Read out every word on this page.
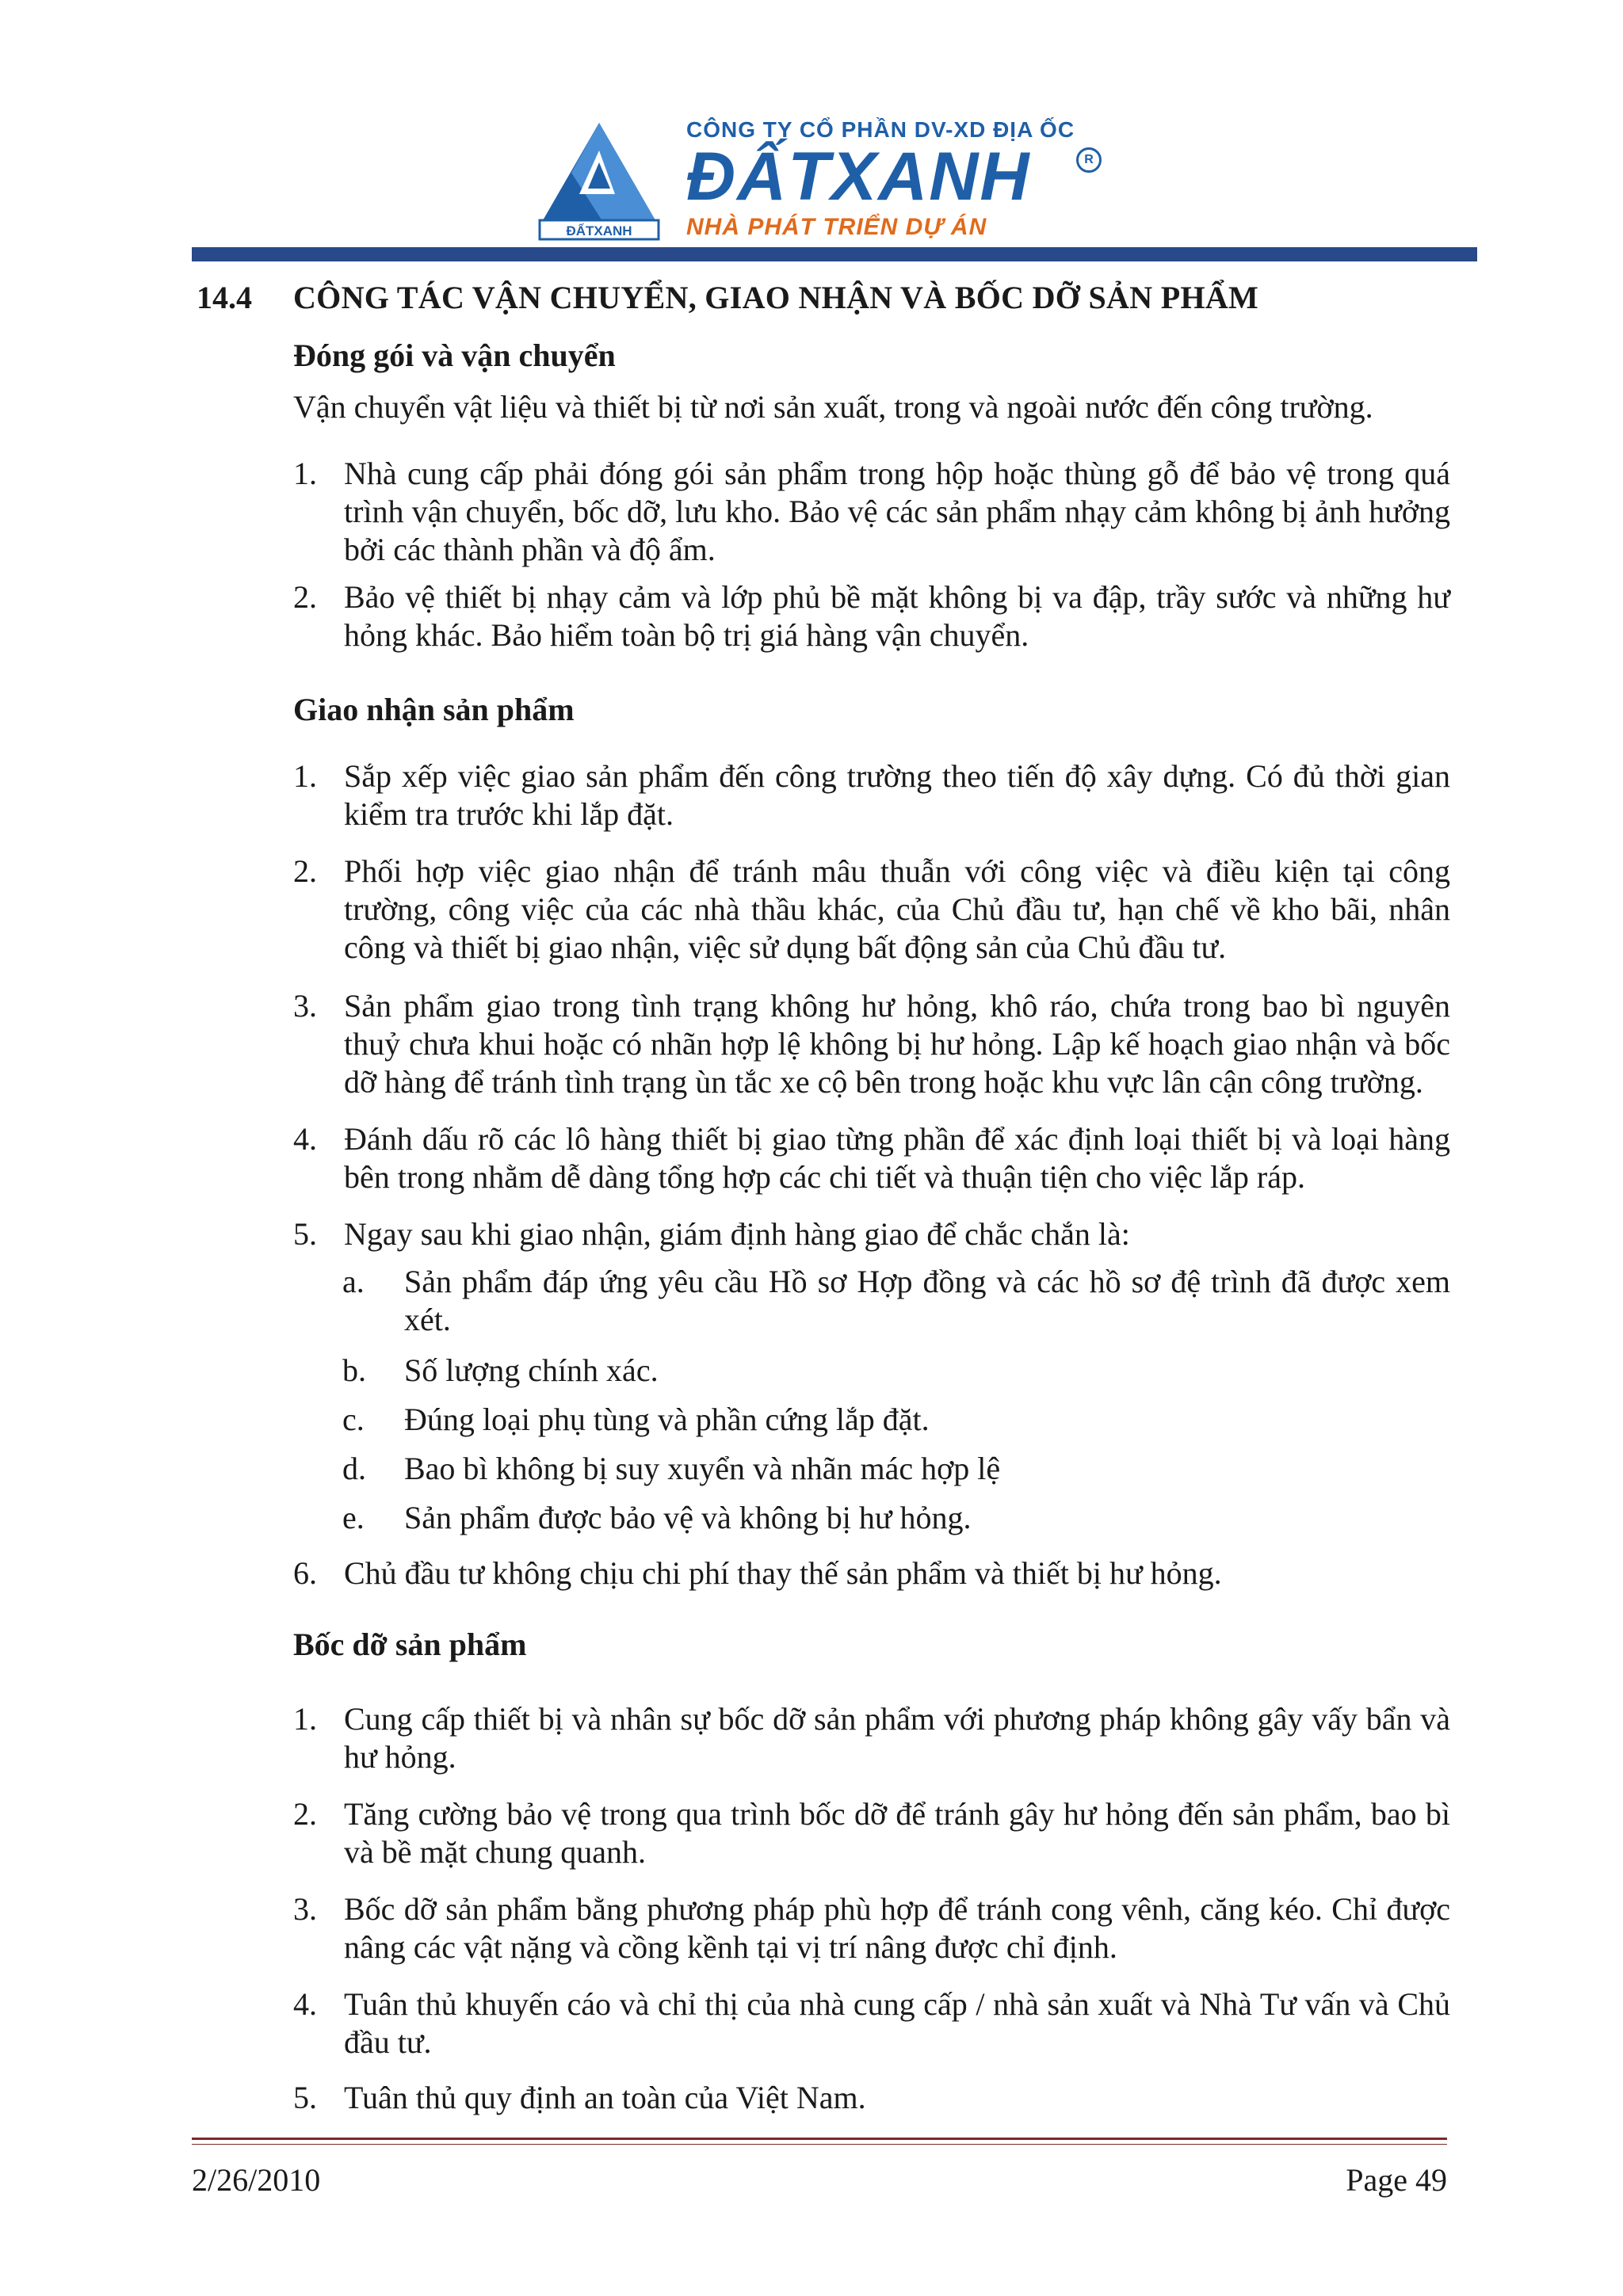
ĐẤTXANH
CÔNG TY CỔ PHẦN DV-XD ĐỊA ỐC
ĐẤTXANH	R
NHÀ PHÁT TRIỂN DỰ ÁN
14.4 CÔNG TÁC VẬN CHUYỂN, GIAO NHẬN VÀ BỐC DỠ SẢN PHẨM
Đóng gói và vận chuyển
Vận chuyển vật liệu và thiết bị từ nơi sản xuất, trong và ngoài nước đến công trường.
1. Nhà cung cấp phải đóng gói sản phẩm trong hộp hoặc thùng gỗ để bảo vệ trong quá trình vận chuyển, bốc dỡ, lưu kho. Bảo vệ các sản phẩm nhạy cảm không bị ảnh hưởng bởi các thành phần và độ ẩm.
2. Bảo vệ thiết bị nhạy cảm và lớp phủ bề mặt không bị va đập, trầy sước và những hư hỏng khác. Bảo hiểm toàn bộ trị giá hàng vận chuyển.
Giao nhận sản phẩm
1. Sắp xếp việc giao sản phẩm đến công trường theo tiến độ xây dựng. Có đủ thời gian kiểm tra trước khi lắp đặt.
2. Phối hợp việc giao nhận để tránh mâu thuẫn với công việc và điều kiện tại công trường, công việc của các nhà thầu khác, của Chủ đầu tư, hạn chế về kho bãi, nhân công và thiết bị giao nhận, việc sử dụng bất động sản của Chủ đầu tư.
3. Sản phẩm giao trong tình trạng không hư hỏng, khô ráo, chứa trong bao bì nguyên thuỷ chưa khui hoặc có nhãn hợp lệ không bị hư hỏng. Lập kế hoạch giao nhận và bốc dỡ hàng để tránh tình trạng ùn tắc xe cộ bên trong hoặc khu vực lân cận công trường.
4. Đánh dấu rõ các lô hàng thiết bị giao từng phần để xác định loại thiết bị và loại hàng bên trong nhằm dễ dàng tổng hợp các chi tiết và thuận tiện cho việc lắp ráp.
5. Ngay sau khi giao nhận, giám định hàng giao để chắc chắn là:
a. Sản phẩm đáp ứng yêu cầu Hồ sơ Hợp đồng và các hồ sơ đệ trình đã được xem xét.
b. Số lượng chính xác.
c. Đúng loại phụ tùng và phần cứng lắp đặt.
d. Bao bì không bị suy xuyển và nhãn mác hợp lệ
e. Sản phẩm được bảo vệ và không bị hư hỏng.
6. Chủ đầu tư không chịu chi phí thay thế sản phẩm và thiết bị hư hỏng.
Bốc dỡ sản phẩm
1. Cung cấp thiết bị và nhân sự bốc dỡ sản phẩm với phương pháp không gây vấy bẩn và hư hỏng.
2. Tăng cường bảo vệ trong qua trình bốc dỡ để tránh gây hư hỏng đến sản phẩm, bao bì và bề mặt chung quanh.
3. Bốc dỡ sản phẩm bằng phương pháp phù hợp để tránh cong vênh, căng kéo. Chỉ được nâng các vật nặng và cồng kềnh tại vị trí nâng được chỉ định.
4. Tuân thủ khuyến cáo và chỉ thị của nhà cung cấp / nhà sản xuất và Nhà Tư vấn và Chủ đầu tư.
5. Tuân thủ quy định an toàn của Việt Nam.
2/26/2010	Page 49
